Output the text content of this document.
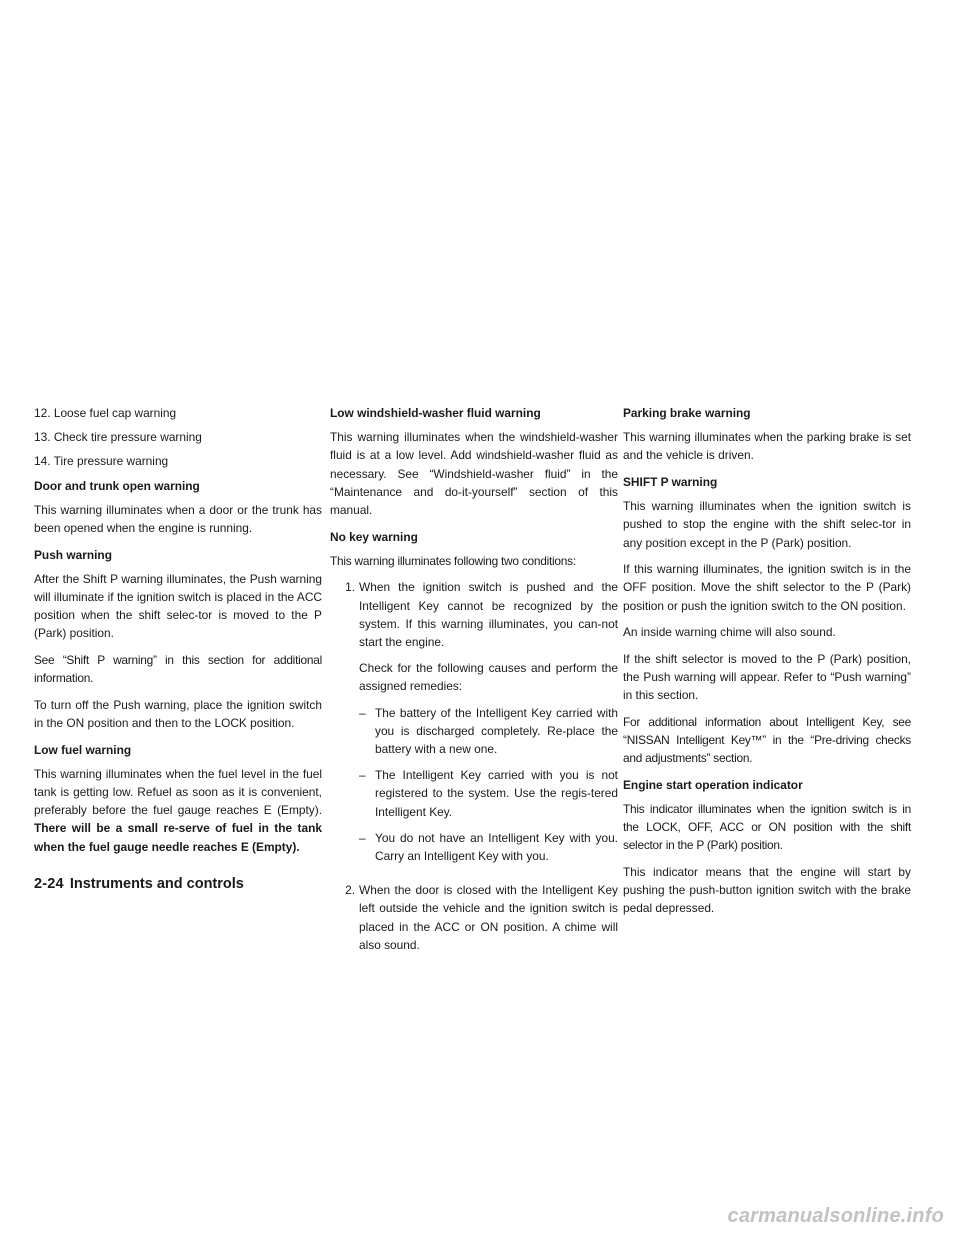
12. Loose fuel cap warning
13. Check tire pressure warning
14. Tire pressure warning
Door and trunk open warning
This warning illuminates when a door or the trunk has been opened when the engine is running.
Push warning
After the Shift P warning illuminates, the Push warning will illuminate if the ignition switch is placed in the ACC position when the shift selec-tor is moved to the P (Park) position.
See “Shift P warning” in this section for additional information.
To turn off the Push warning, place the ignition switch in the ON position and then to the LOCK position.
Low fuel warning
This warning illuminates when the fuel level in the fuel tank is getting low. Refuel as soon as it is convenient, preferably before the fuel gauge reaches E (Empty). There will be a small re-serve of fuel in the tank when the fuel gauge needle reaches E (Empty).
Low windshield-washer fluid warning
This warning illuminates when the windshield-washer fluid is at a low level. Add windshield-washer fluid as necessary. See “Windshield-washer fluid” in the “Maintenance and do-it-yourself” section of this manual.
No key warning
This warning illuminates following two conditions:
1. When the ignition switch is pushed and the Intelligent Key cannot be recognized by the system. If this warning illuminates, you can-not start the engine.
Check for the following causes and perform the assigned remedies:
– The battery of the Intelligent Key carried with you is discharged completely. Re-place the battery with a new one.
– The Intelligent Key carried with you is not registered to the system. Use the regis-tered Intelligent Key.
– You do not have an Intelligent Key with you. Carry an Intelligent Key with you.
2. When the door is closed with the Intelligent Key left outside the vehicle and the ignition switch is placed in the ACC or ON position. A chime will also sound.
Parking brake warning
This warning illuminates when the parking brake is set and the vehicle is driven.
SHIFT P warning
This warning illuminates when the ignition switch is pushed to stop the engine with the shift selec-tor in any position except in the P (Park) position.
If this warning illuminates, the ignition switch is in the OFF position. Move the shift selector to the P (Park) position or push the ignition switch to the ON position.
An inside warning chime will also sound.
If the shift selector is moved to the P (Park) position, the Push warning will appear. Refer to “Push warning” in this section.
For additional information about Intelligent Key, see “NISSAN Intelligent Key™” in the “Pre-driving checks and adjustments” section.
Engine start operation indicator
This indicator illuminates when the ignition switch is in the LOCK, OFF, ACC or ON position with the shift selector in the P (Park) position.
This indicator means that the engine will start by pushing the push-button ignition switch with the brake pedal depressed.
2-24 Instruments and controls
carmanualsonline.info
